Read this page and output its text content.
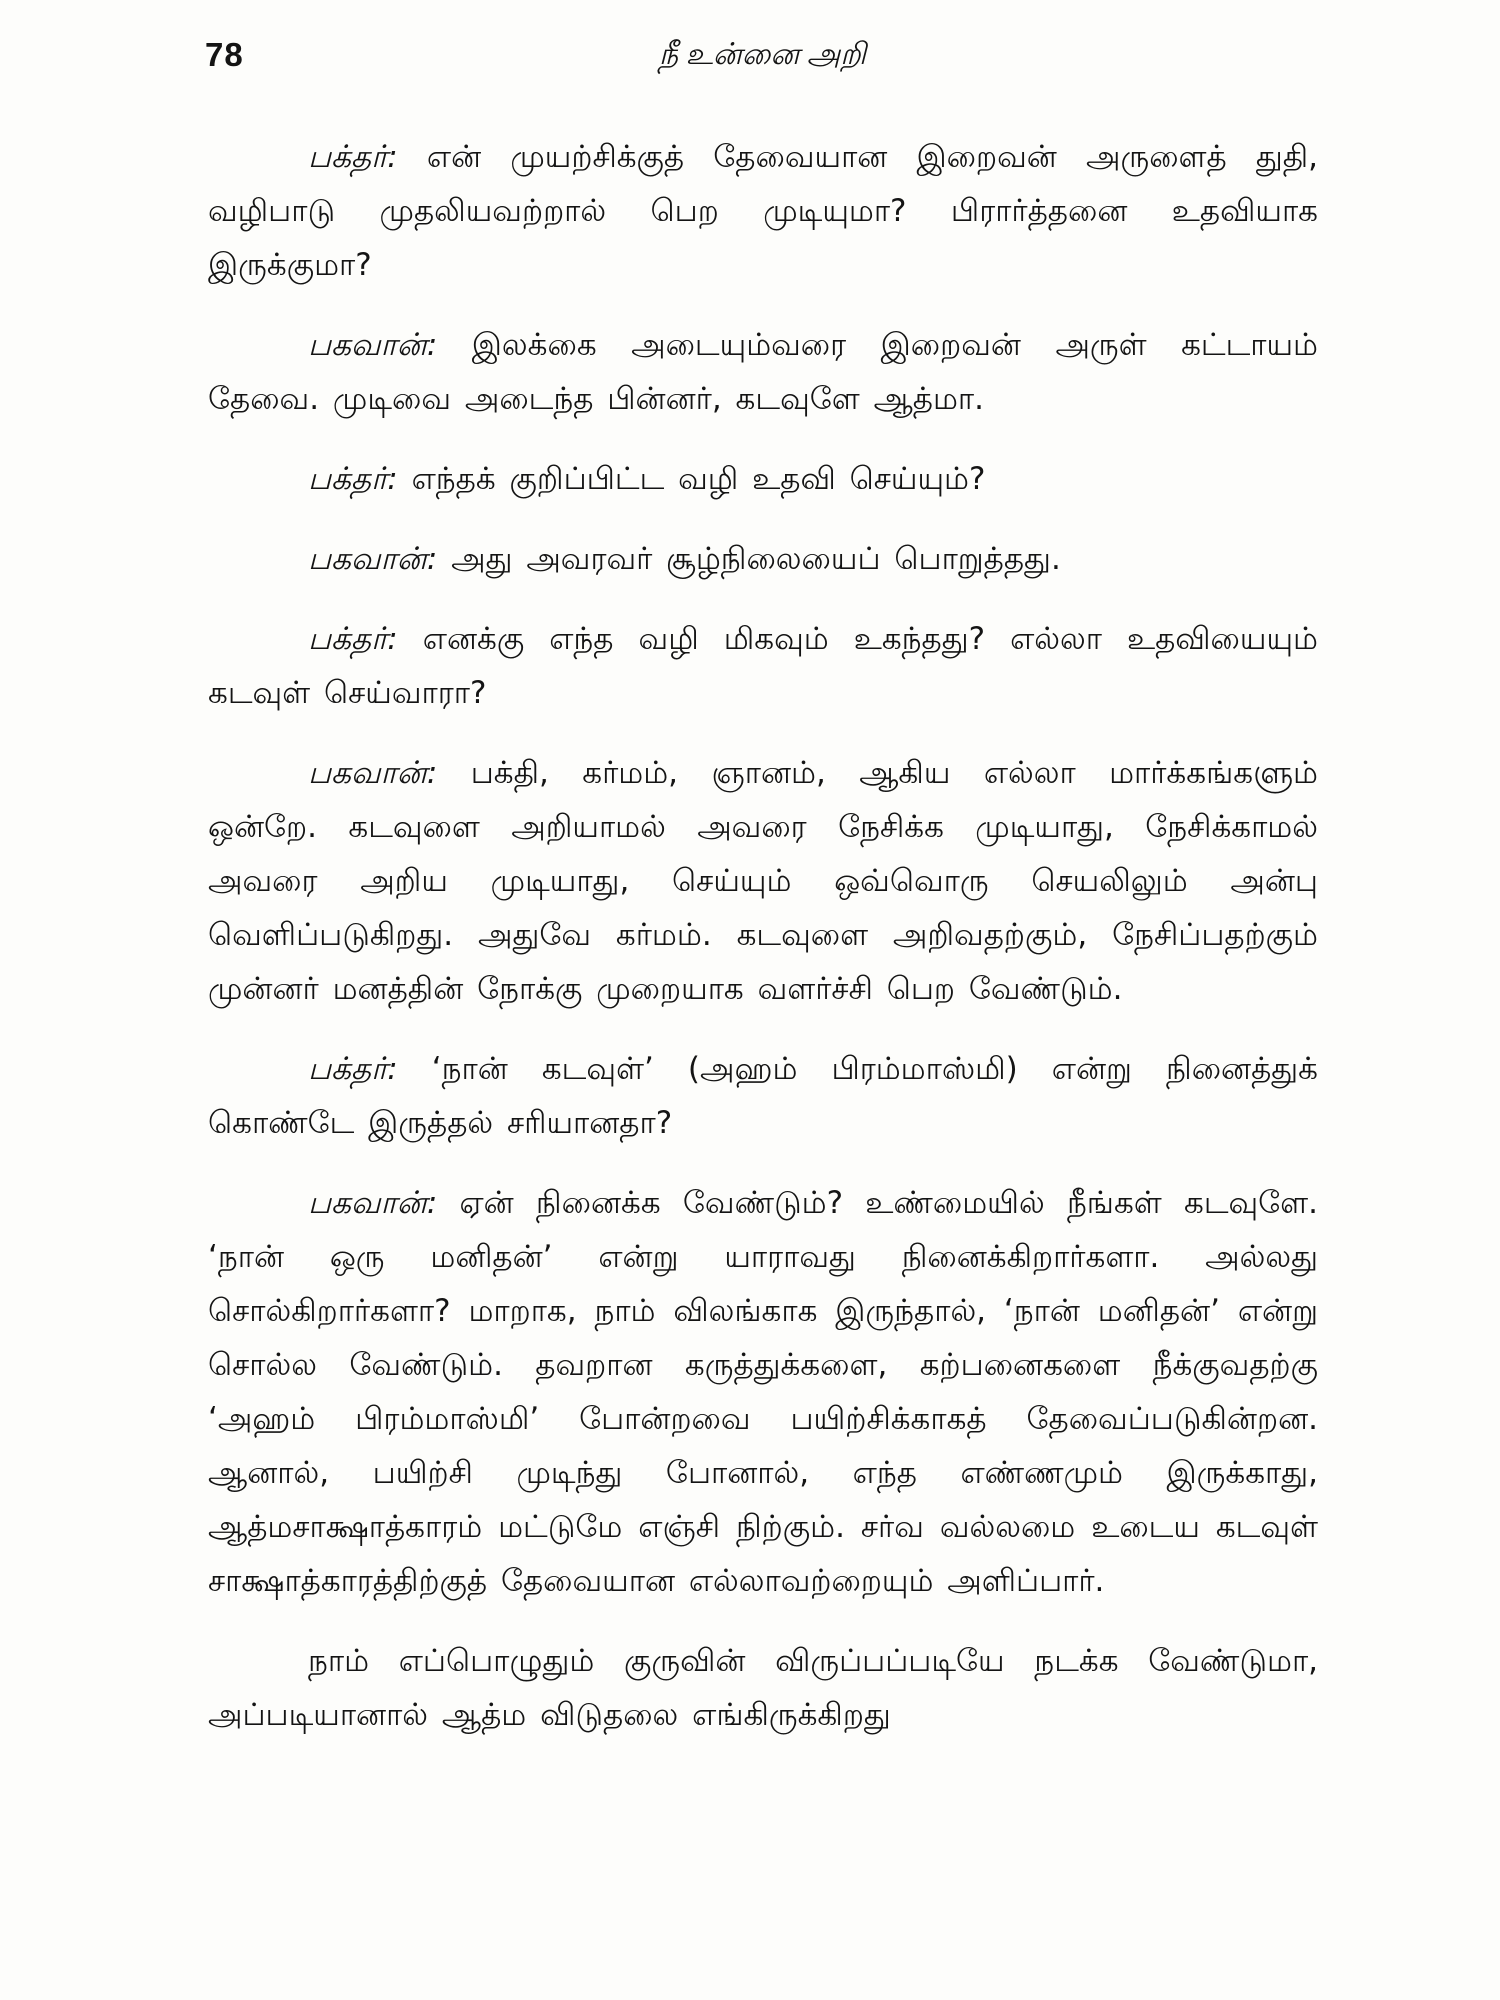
78	நீ உன்னை அறி

பக்தர்: என் முயற்சிக்குத் தேவையான இறைவன் அருளைத் துதி, வழிபாடு முதலியவற்றால் பெற முடியுமா? பிரார்த்தனை உதவியாக இருக்குமா?

பகவான்: இலக்கை அடையும்வரை இறைவன் அருள் கட்டாயம் தேவை. முடிவை அடைந்த பின்னர், கடவுளே ஆத்மா.

பக்தர்: எந்தக் குறிப்பிட்ட வழி உதவி செய்யும்?

பகவான்: அது அவரவர் சூழ்நிலையைப் பொறுத்தது.

பக்தர்: எனக்கு எந்த வழி மிகவும் உகந்தது? எல்லா உதவியையும் கடவுள் செய்வாரா?

பகவான்: பக்தி, கர்மம், ஞானம், ஆகிய எல்லா மார்க்கங்களும் ஒன்றே. கடவுளை அறியாமல் அவரை நேசிக்க முடியாது, நேசிக்காமல் அவரை அறிய முடியாது, செய்யும் ஒவ்வொரு செயலிலும் அன்பு வெளிப்படுகிறது. அதுவே கர்மம். கடவுளை அறிவதற்கும், நேசிப்பதற்கும் முன்னர் மனத்தின் நோக்கு முறையாக வளர்ச்சி பெற வேண்டும்.

பக்தர்: ‘நான் கடவுள்’ (அஹம் பிரம்மாஸ்மி) என்று நினைத்துக் கொண்டே இருத்தல் சரியானதா?

பகவான்: ஏன் நினைக்க வேண்டும்? உண்மையில் நீங்கள் கடவுளே. ‘நான் ஒரு மனிதன்’ என்று யாராவது நினைக்கிறார்களா. அல்லது சொல்கிறார்களா? மாறாக, நாம் விலங்காக இருந்தால், ‘நான் மனிதன்’ என்று சொல்ல வேண்டும். தவறான கருத்துக்களை, கற்பனைகளை நீக்குவதற்கு ‘அஹம் பிரம்மாஸ்மி’ போன்றவை பயிற்சிக்காகத் தேவைப்படுகின்றன. ஆனால், பயிற்சி முடிந்து போனால், எந்த எண்ணமும் இருக்காது, ஆத்மசாக்ஷாத்காரம் மட்டுமே எஞ்சி நிற்கும். சர்வ வல்லமை உடைய கடவுள் சாக்ஷாத்காரத்திற்குத் தேவையான எல்லாவற்றையும் அளிப்பார்.

நாம் எப்பொழுதும் குருவின் விருப்பப்படியே நடக்க வேண்டுமா, அப்படியானால் ஆத்ம விடுதலை எங்கிருக்கிறது
